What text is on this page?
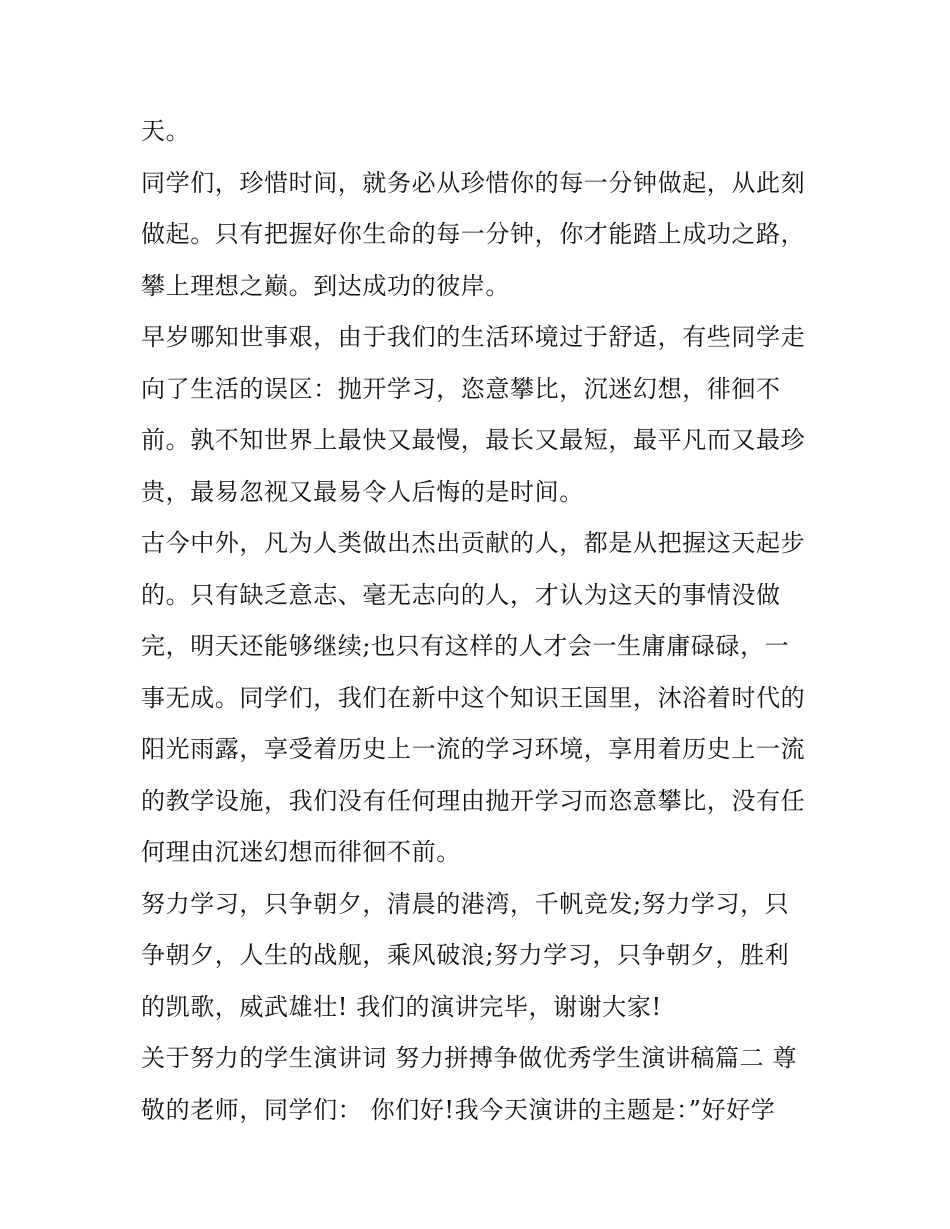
天。
同学们，珍惜时间，就务必从珍惜你的每一分钟做起，从此刻
做起。只有把握好你生命的每一分钟，你才能踏上成功之路，
攀上理想之巅。到达成功的彼岸。
早岁哪知世事艰，由于我们的生活环境过于舒适，有些同学走
向了生活的误区：抛开学习，恣意攀比，沉迷幻想，徘徊不
前。孰不知世界上最快又最慢，最长又最短，最平凡而又最珍
贵，最易忽视又最易令人后悔的是时间。
古今中外，凡为人类做出杰出贡献的人，都是从把握这天起步
的。只有缺乏意志、毫无志向的人，才认为这天的事情没做
完，明天还能够继续;也只有这样的人才会一生庸庸碌碌，一
事无成。同学们，我们在新中这个知识王国里，沐浴着时代的
阳光雨露，享受着历史上一流的学习环境，享用着历史上一流
的教学设施，我们没有任何理由抛开学习而恣意攀比，没有任
何理由沉迷幻想而徘徊不前。
努力学习，只争朝夕，清晨的港湾，千帆竞发;努力学习，只
争朝夕，人生的战舰，乘风破浪;努力学习，只争朝夕，胜利
的凯歌，威武雄壮! 我们的演讲完毕，谢谢大家!
关于努力的学生演讲词 努力拼搏争做优秀学生演讲稿篇二 尊
敬的老师，同学们： 你们好!我今天演讲的主题是：”好好学
